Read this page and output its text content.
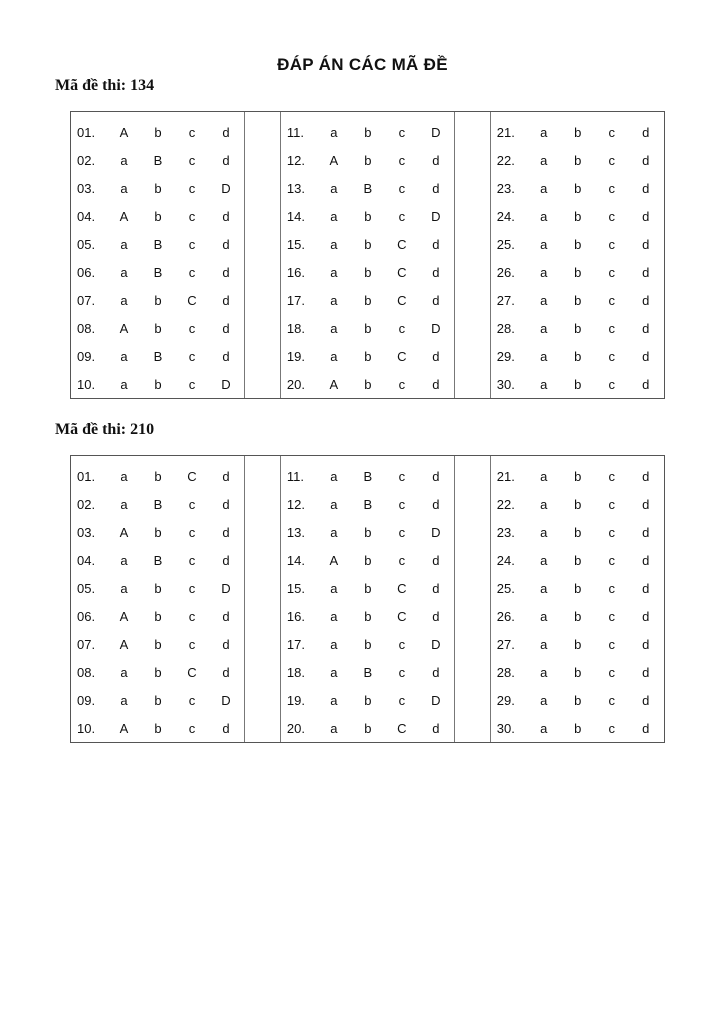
ĐÁP ÁN CÁC MÃ ĐỀ
Mã đề thi: 134
01.	A	b	c	d
02.	a	B	c	d
03.	a	b	c	D
04.	A	b	c	d
05.	a	B	c	d
06.	a	B	c	d
07.	a	b	C	d
08.	A	b	c	d
09.	a	B	c	d
10.	a	b	c	D
11.	a	b	c	D
12.	A	b	c	d
13.	a	B	c	d
14.	a	b	c	D
15.	a	b	C	d
16.	a	b	C	d
17.	a	b	C	d
18.	a	b	c	D
19.	a	b	C	d
20.	A	b	c	d
21.	a	b	c	d
22.	a	b	c	d
23.	a	b	c	d
24.	a	b	c	d
25.	a	b	c	d
26.	a	b	c	d
27.	a	b	c	d
28.	a	b	c	d
29.	a	b	c	d
30.	a	b	c	d
Mã đề thi: 210
01.	a	b	C	d
02.	a	B	c	d
03.	A	b	c	d
04.	a	B	c	d
05.	a	b	c	D
06.	A	b	c	d
07.	A	b	c	d
08.	a	b	C	d
09.	a	b	c	D
10.	A	b	c	d
11.	a	B	c	d
12.	a	B	c	d
13.	a	b	c	D
14.	A	b	c	d
15.	a	b	C	d
16.	a	b	C	d
17.	a	b	c	D
18.	a	B	c	d
19.	a	b	c	D
20.	a	b	C	d
21.	a	b	c	d
22.	a	b	c	d
23.	a	b	c	d
24.	a	b	c	d
25.	a	b	c	d
26.	a	b	c	d
27.	a	b	c	d
28.	a	b	c	d
29.	a	b	c	d
30.	a	b	c	d
